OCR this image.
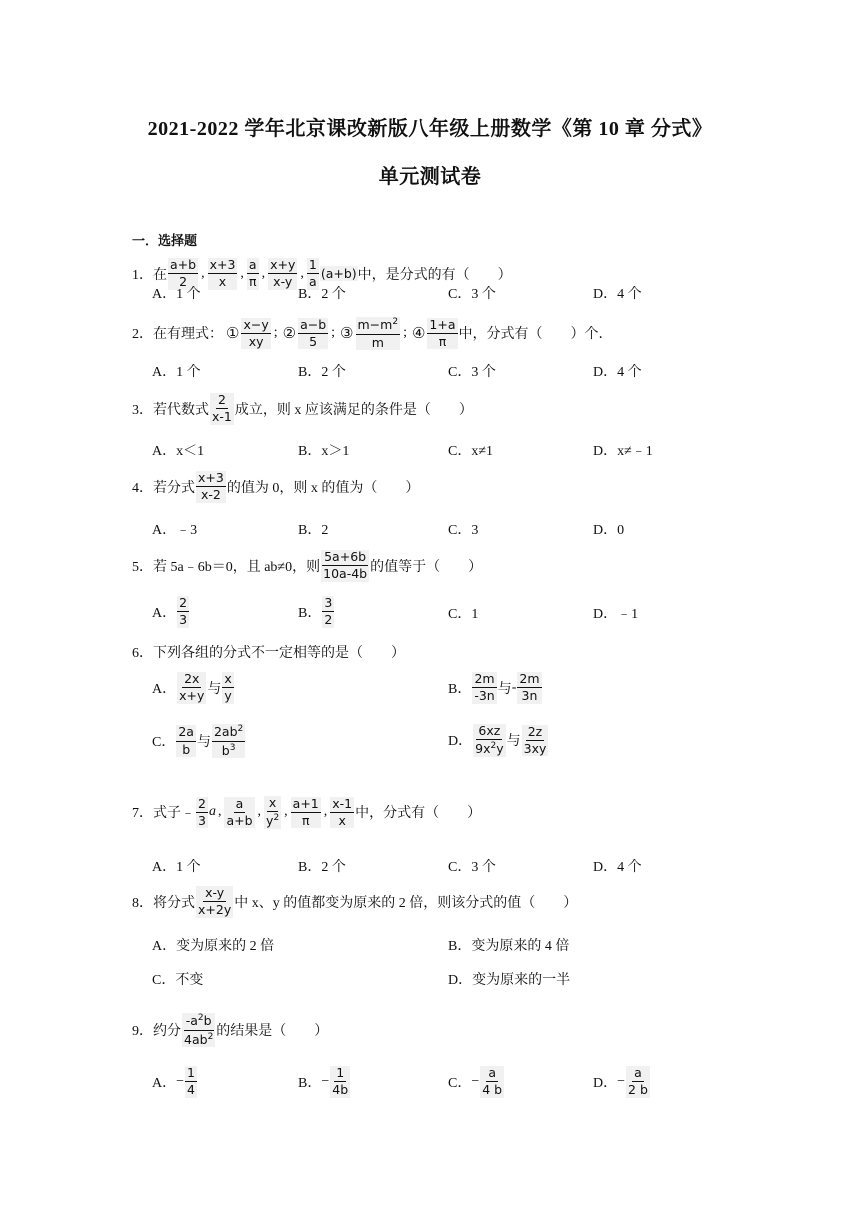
2021-2022 学年北京课改新版八年级上册数学《第 10 章 分式》
单元测试卷
一．选择题
1． 在 $\frac{a+b}{2}$ , $\frac{x+3}{x}$ , $\frac{a}{\pi}$ , $\frac{x+y}{x-y}$ , $\frac{1}{a} (a+b)$ 中，是分式的有（　　）
A．1 个	B．2 个	C．3 个	D．4 个
2． 在有理式： ① $\frac{x-y}{xy}$ ; ② $\frac{a-b}{5}$ ; ③ $\frac{m-m^2}{m}$ ; ④ $\frac{1+a}{\pi}$ 中，分式有（　　）个．
A．1 个	B．2 个	C．3 个	D．4 个
3． 若代数式 $\frac{2}{x-1}$ 成立，则 x 应该满足的条件是（　　）
A．x＜1	B．x＞1	C．x≠1	D．x≠﹣1
4． 若分式 $\frac{x+3}{x-2}$ 的值为 0，则 x 的值为（　　）
A．﹣3	B．2	C．3	D．0
5． 若 5a﹣6b＝0，且 ab≠0，则 $\frac{5a+6b}{10a-4b}$ 的值等于（　　）
A． $\frac{2}{3}$	B． $\frac{3}{2}$	C．1	D．﹣1
6． 下列各组的分式不一定相等的是（　　）
A． $\frac{2x}{x+y}$ 与 $\frac{x}{y}$	B． $\frac{2m}{-3n}$ 与 - $\frac{2m}{3n}$
C． $\frac{2a}{b}$ 与 $\frac{2ab^2}{b^3}$	D． $\frac{6xz}{9x^2y}$ 与 $\frac{2z}{3xy}$
7． 式子﹣ $\frac{2}{3}$ a , $\frac{a}{a+b}$ , $\frac{x}{y^2}$ , $\frac{a+1}{\pi}$ , $\frac{x-1}{x}$ 中，分式有（　　）
A．1 个	B．2 个	C．3 个	D．4 个
8． 将分式 $\frac{x-y}{x+2y}$ 中 x、y 的值都变为原来的 2 倍，则该分式的值（　　）
A．变为原来的 2 倍	B．变为原来的 4 倍
C．不变	D．变为原来的一半
9． 约分 $\frac{-a^2b}{4ab^2}$ 的结果是（　　）
A． − $\frac{1}{4}$	B． − $\frac{1}{4b}$	C． − $\frac{a}{4 b}$	D． − $\frac{a}{2 b}$
